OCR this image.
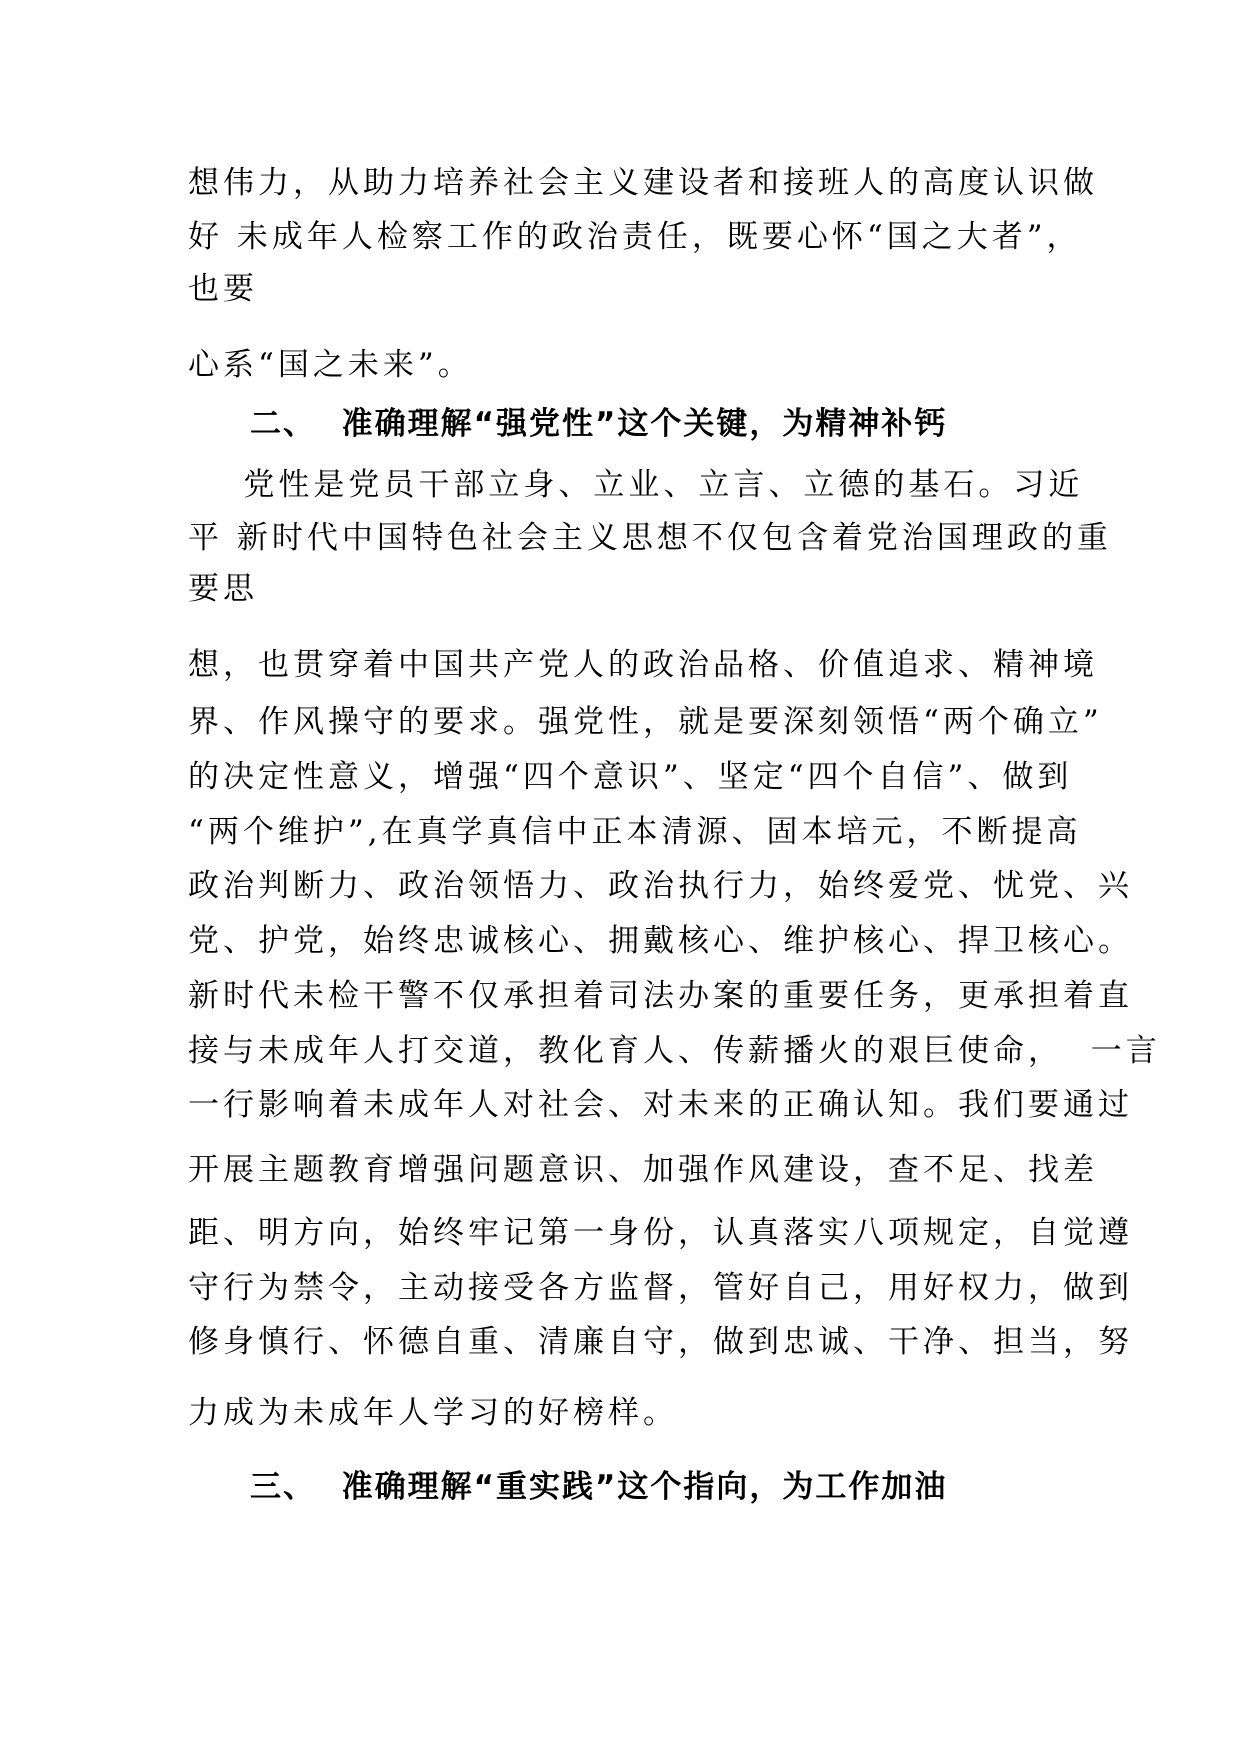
想伟力，从助力培养社会主义建设者和接班人的高度认识做
好 未成年人检察工作的政治责任，既要心怀“国之大者”，
也要
心系“国之未来”。
二、  准确理解“强党性”这个关键，为精神补钙
党性是党员干部立身、立业、立言、立德的基石。习近
平 新时代中国特色社会主义思想不仅包含着党治国理政的重
要思
想，也贯穿着中国共产党人的政治品格、价值追求、精神境
界、作风操守的要求。强党性，就是要深刻领悟“两个确立”
的决定性意义，增强“四个意识”、坚定“四个自信”、做到
“两个维护”,在真学真信中正本清源、固本培元，不断提高
政治判断力、政治领悟力、政治执行力，始终爱党、忧党、兴
党、护党，始终忠诚核心、拥戴核心、维护核心、捍卫核心。
新时代未检干警不仅承担着司法办案的重要任务，更承担着直
接与未成年人打交道，教化育人、传薪播火的艰巨使命，  一言
一行影响着未成年人对社会、对未来的正确认知。我们要通过
开展主题教育增强问题意识、加强作风建设，查不足、找差
距、明方向，始终牢记第一身份，认真落实八项规定，自觉遵
守行为禁令，主动接受各方监督，管好自己，用好权力，做到
修身慎行、怀德自重、清廉自守，做到忠诚、干净、担当，努
力成为未成年人学习的好榜样。
三、  准确理解“重实践”这个指向，为工作加油
